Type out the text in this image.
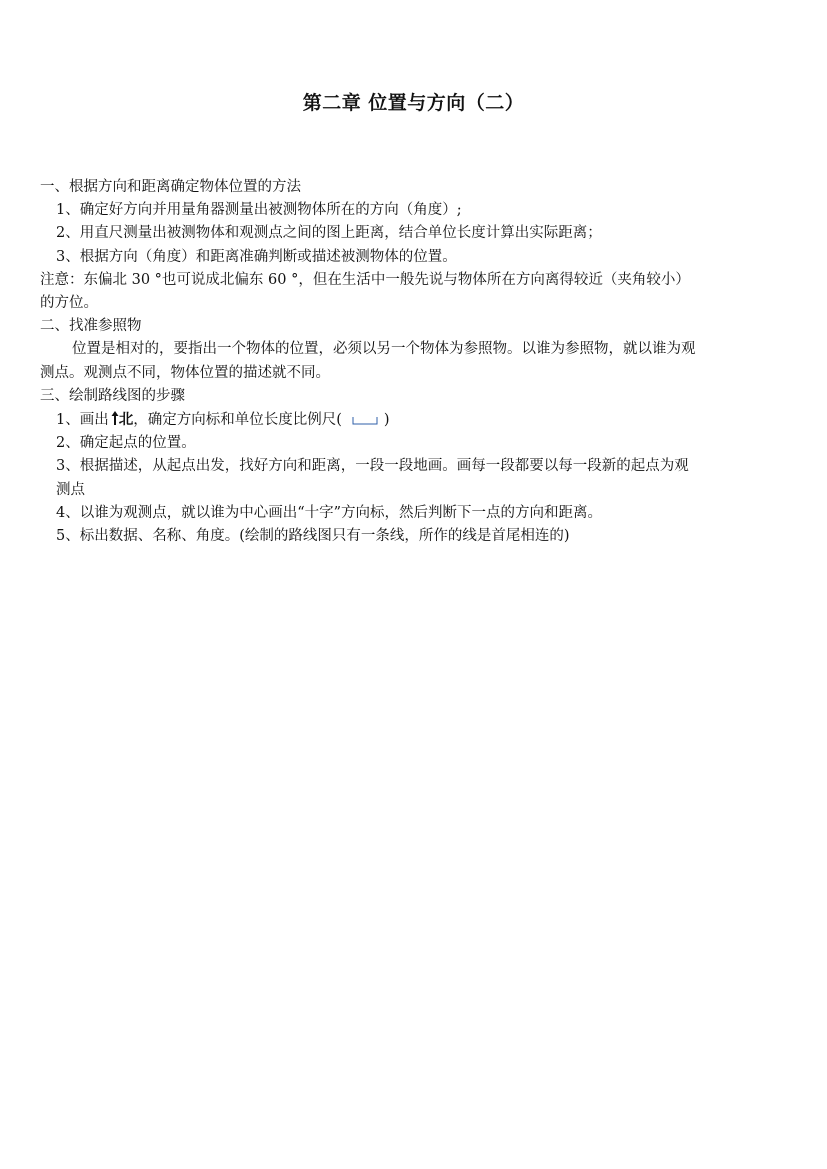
第二章 位置与方向（二）
一、根据方向和距离确定物体位置的方法
1、确定好方向并用量角器测量出被测物体所在的方向（角度）;
2、用直尺测量出被测物体和观测点之间的图上距离，结合单位长度计算出实际距离；
3、根据方向（角度）和距离准确判断或描述被测物体的位置。
注意：东偏北 30 °也可说成北偏东 60 °，但在生活中一般先说与物体所在方向离得较近（夹角较小）
的方位。
二、找准参照物
位置是相对的，要指出一个物体的位置，必须以另一个物体为参照物。以谁为参照物，就以谁为观
测点。观测点不同，物体位置的描述就不同。
三、绘制路线图的步骤
1、画出 北，确定方向标和单位长度比例尺(	)
2、确定起点的位置。
3、根据描述，从起点出发，找好方向和距离，一段一段地画。画每一段都要以每一段新的起点为观
测点
4、以谁为观测点，就以谁为中心画出“十字”方向标，然后判断下一点的方向和距离。
5、标出数据、名称、角度。(绘制的路线图只有一条线，所作的线是首尾相连的)
